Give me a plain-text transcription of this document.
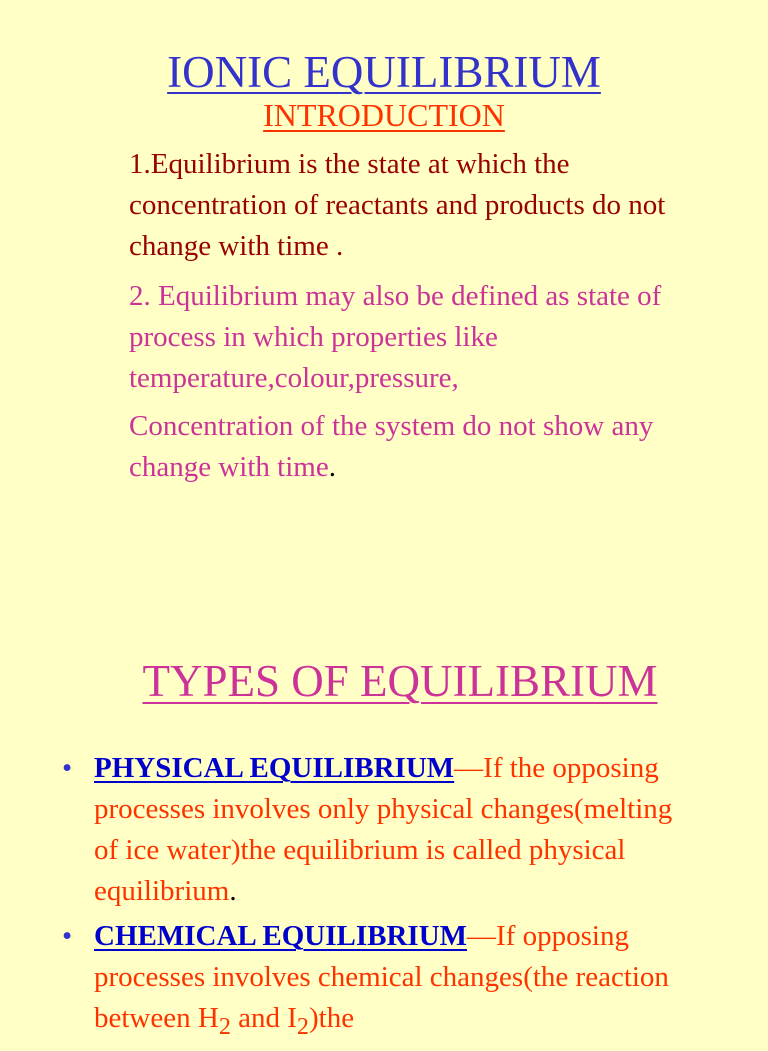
IONIC EQUILIBRIUM
INTRODUCTION

1.Equilibrium is the state at which the concentration of reactants and products do not change with time .

2. Equilibrium may also be defined as state of process in which properties like temperature,colour,pressure,

Concentration of the system do not show any change with time.

TYPES OF EQUILIBRIUM
• PHYSICAL EQUILIBRIUM—If the opposing processes involves only physical changes(melting of ice water)the equilibrium is called physical equilibrium.
• CHEMICAL EQUILIBRIUM—If opposing processes involves chemical changes(the reaction between $H_2$ and $I_2)the$
